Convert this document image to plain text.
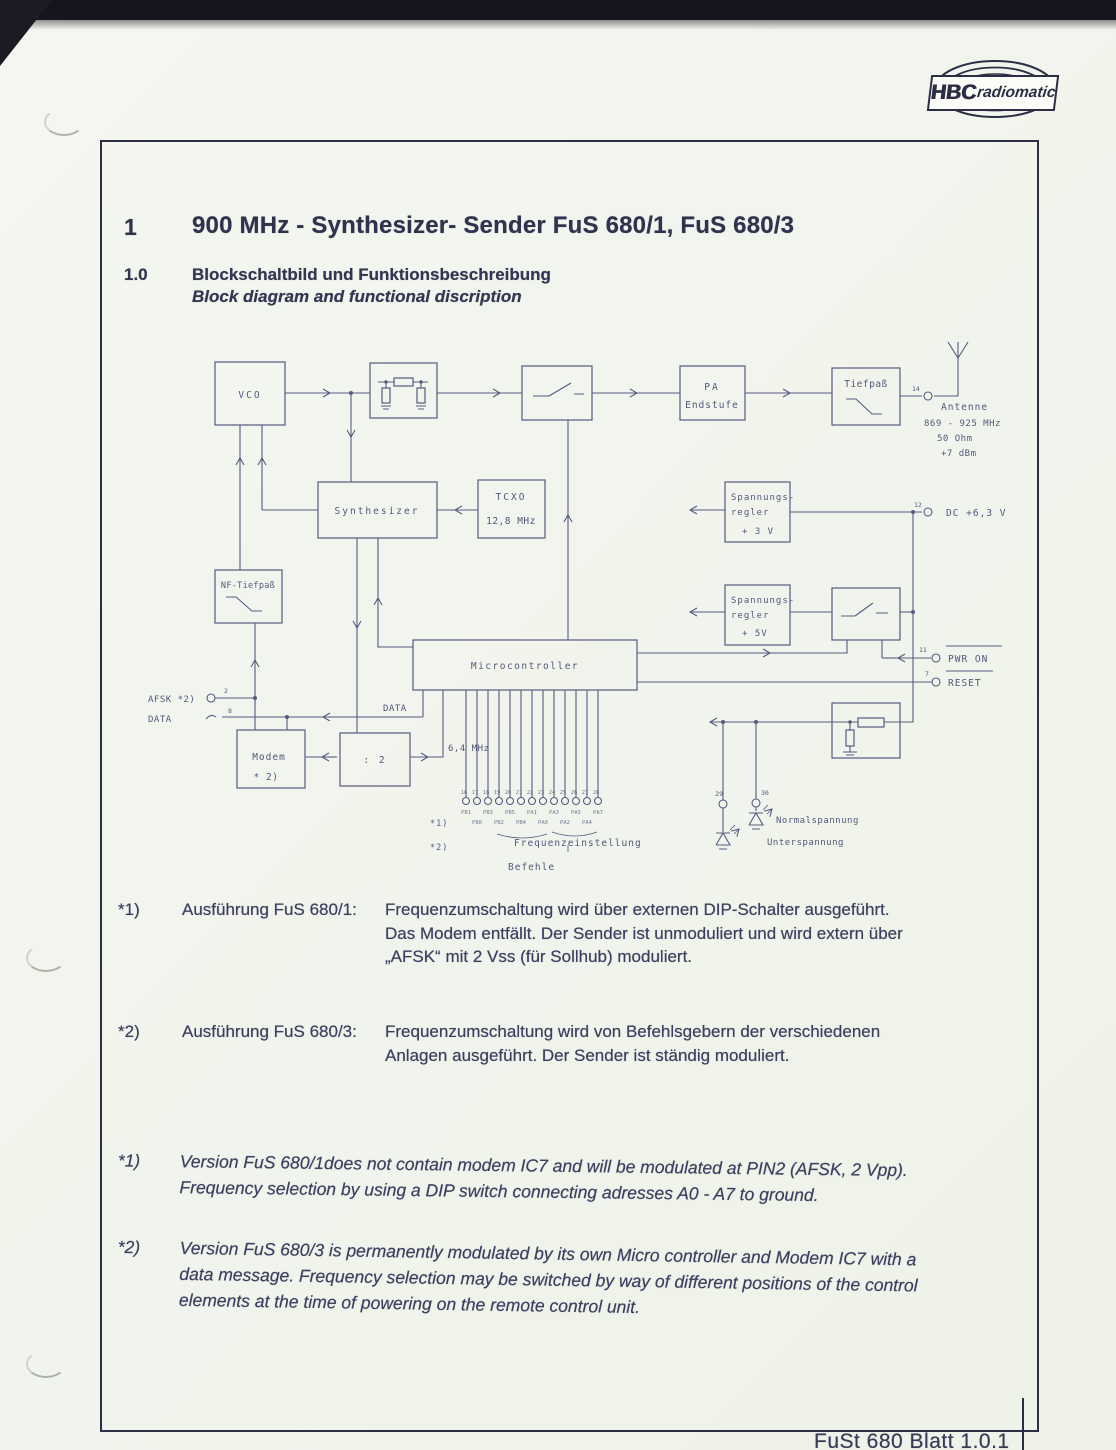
HBC
radiomatic
FuSt 680 Blatt 1.0.1
1 900 MHz - Synthesizer- Sender FuS 680/1, FuS 680/3
1.0	Blockschaltbild und Funktionsbeschreibung
Block diagram and functional discription
VCO
Synthesizer
TCXO
12,8 MHz
PA
Endstufe
Tiefpaß
NF-Tiefpaß
Spannungs-
regler
+ 3 V
Spannungs-
regler
+ 5V
Microcontroller
Modem
* 2)
: 2
14
Antenne
869 - 925 MHz
50 Ohm
+7 dBm
12
DC +6,3 V
11
PWR ON
7
RESET
AFSK *2)
DATA
2
8	DATA
6,4 MHz
29	30
Normalspannung
Unterspannung
*1)
*2)	Frequenzeinstellung
Befehle
16 17 18 19 20 21 22 23 24 25 26 27 28
PB1 PB3 PB5 PA1 PA3 PA5 PA7
PB0 PB2 PB4 PA0 PA2 PA4
*1) Ausführung FuS 680/1: Frequenzumschaltung wird über externen DIP-Schalter ausgeführt.
Das Modem entfällt. Der Sender ist unmoduliert und wird extern über
„AFSK“ mit 2 Vss (für Sollhub) moduliert.
*2) Ausführung FuS 680/3: Frequenzumschaltung wird von Befehlsgebern der verschiedenen
Anlagen ausgeführt. Der Sender ist ständig moduliert.
*1) Version FuS 680/1does not contain modem IC7 and will be modulated at PIN2 (AFSK, 2 Vpp).
Frequency selection by using a DIP switch connecting adresses A0 - A7 to ground.
*2) Version FuS 680/3 is permanently modulated by its own Micro controller and Modem IC7 with a
data message. Frequency selection may be switched by way of different positions of the control
elements at the time of powering on the remote control unit.
